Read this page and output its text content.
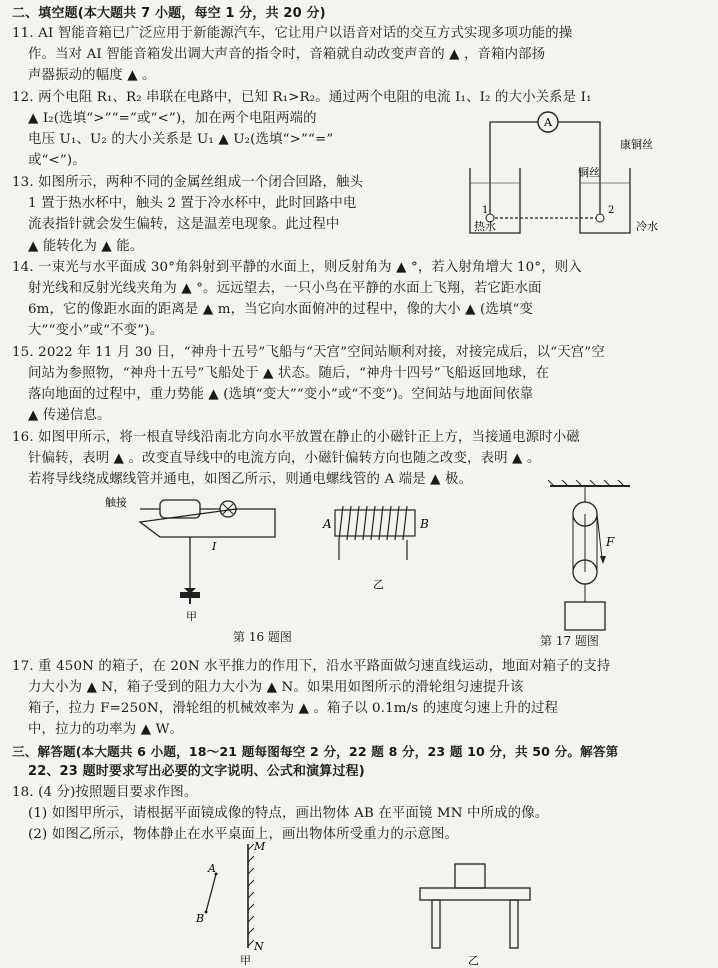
二、填空题(本大题共 7 小题，每空 1 分，共 20 分)
11. AI 智能音箱已广泛应用于新能源汽车，它让用户以语音对话的交互方式实现多项功能的操
作。当对 AI 智能音箱发出调大声音的指令时，音箱就自动改变声音的 ▲ ，音箱内部扬
声器振动的幅度 ▲ 。
12. 两个电阻 R₁、R₂ 串联在电路中，已知 R₁>R₂。通过两个电阻的电流 I₁、I₂ 的大小关系是 I₁
▲ I₂(选填“>”“=”或“<”)，加在两个电阻两端的
电压 U₁、U₂ 的大小关系是 U₁ ▲ U₂(选填“>”“=”
或“<”)。
13. 如图所示，两种不同的金属丝组成一个闭合回路，触头
1 置于热水杯中，触头 2 置于冷水杯中，此时回路中电
流表指针就会发生偏转，这是温差电现象。此过程中
▲ 能转化为 ▲ 能。
14. 一束光与水平面成 30°角斜射到平静的水面上，则反射角为 ▲ °，若入射角增大 10°，则入
射光线和反射光线夹角为 ▲ °。远远望去，一只小鸟在平静的水面上飞翔，若它距水面
6m，它的像距水面的距离是 ▲ m，当它向水面俯冲的过程中，像的大小 ▲ (选填“变
大”“变小”或“不变”)。
15. 2022 年 11 月 30 日，“神舟十五号”飞船与“天宫”空间站顺利对接，对接完成后，以“天宫”空
间站为参照物，“神舟十五号”飞船处于 ▲ 状态。随后，“神舟十四号”飞船返回地球，在
落向地面的过程中，重力势能 ▲ (选填“变大”“变小”或“不变”)。空间站与地面间依靠
▲ 传递信息。
16. 如图甲所示，将一根直导线沿南北方向水平放置在静止的小磁针正上方，当接通电源时小磁
针偏转，表明 ▲ 。改变直导线中的电流方向，小磁针偏转方向也随之改变，表明 ▲ 。
若将导线绕成螺线管并通电，如图乙所示，则通电螺线管的 A 端是 ▲ 极。
17. 重 450N 的箱子，在 20N 水平推力的作用下，沿水平路面做匀速直线运动，地面对箱子的支持
力大小为 ▲ N，箱子受到的阻力大小为 ▲ N。如果用如图所示的滑轮组匀速提升该
箱子，拉力 F=250N，滑轮组的机械效率为 ▲ 。箱子以 0.1m/s 的速度匀速上升的过程
中，拉力的功率为 ▲ W。
三、解答题(本大题共 6 小题，18～21 题每图每空 2 分，22 题 8 分，23 题 10 分，共 50 分。解答第
22、23 题时要求写出必要的文字说明、公式和演算过程)
18. (4 分)按照题目要求作图。
(1) 如图甲所示，请根据平面镜成像的特点，画出物体 AB 在平面镜 MN 中所成的像。
(2) 如图乙所示，物体静止在水平桌面上，画出物体所受重力的示意图。
A
1	2
康铜丝
铜丝
热水	冷水
触接
I
甲
A	B
乙
第 16 题图
F
第 17 题图
M
N
A
B
甲	乙
